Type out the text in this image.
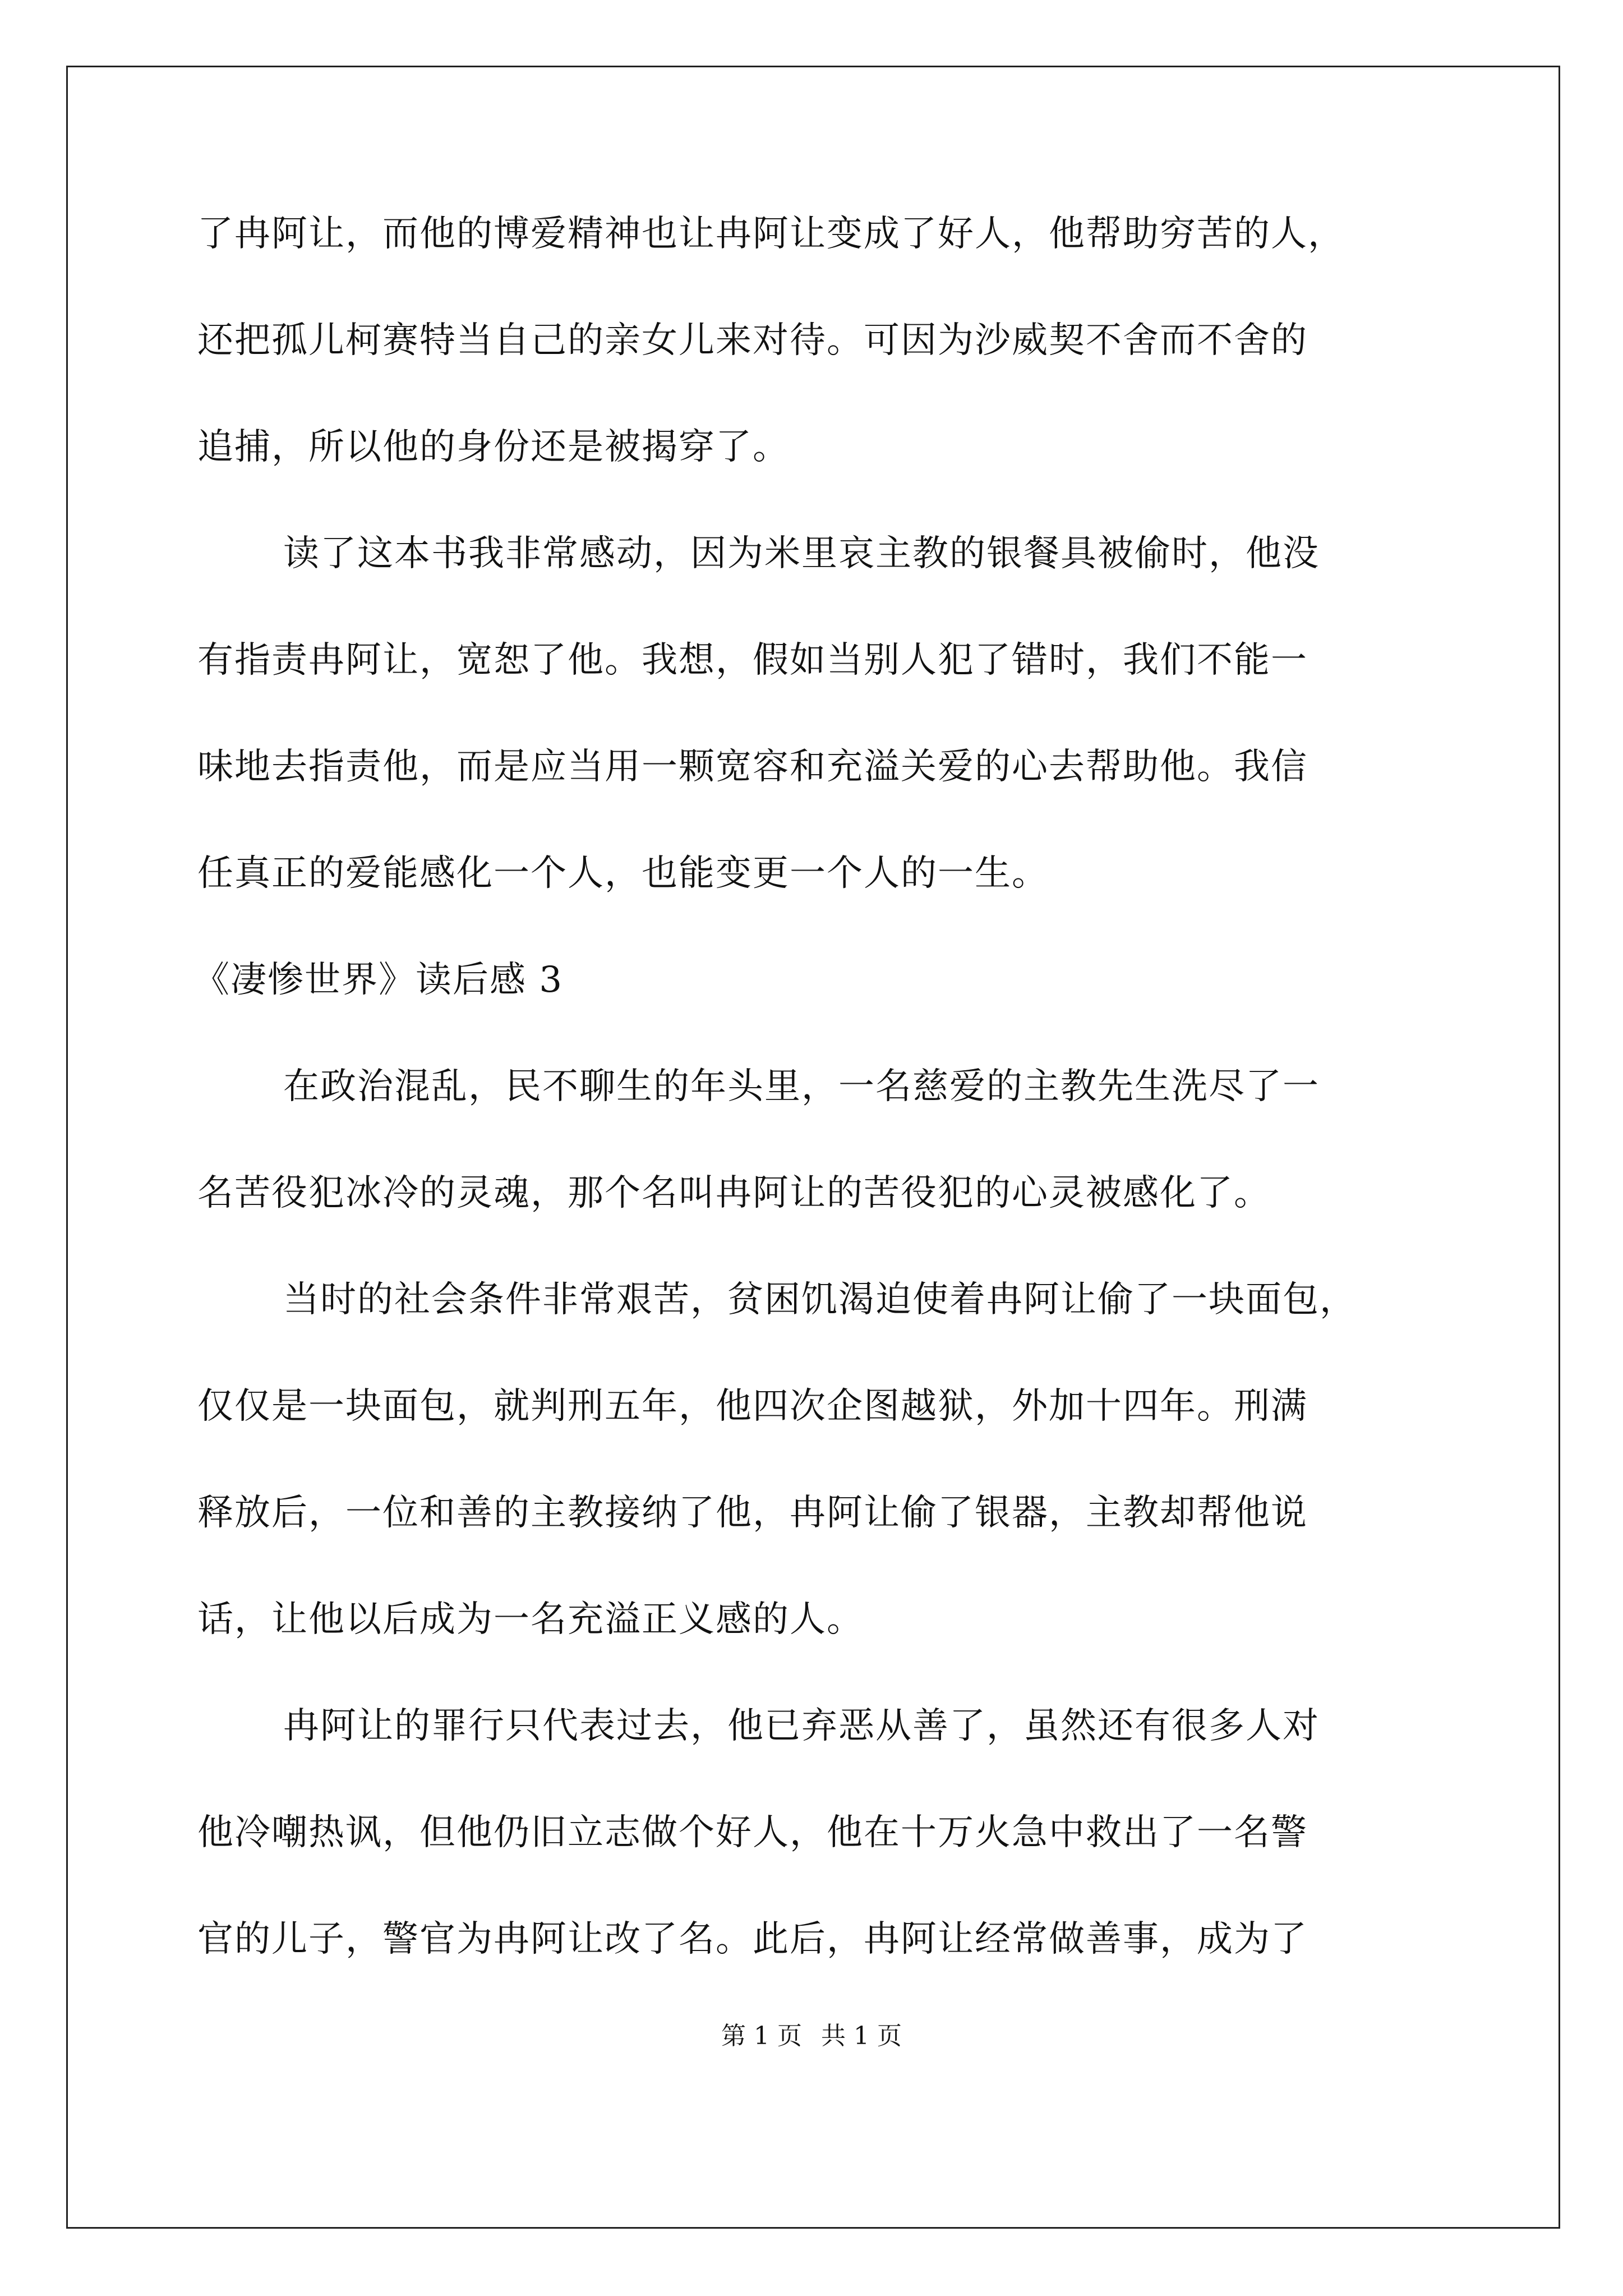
了冉阿让，而他的博爱精神也让冉阿让变成了好人，他帮助穷苦的人，
还把孤儿柯赛特当自己的亲女儿来对待。可因为沙威契不舍而不舍的
追捕，所以他的身份还是被揭穿了。
读了这本书我非常感动，因为米里哀主教的银餐具被偷时，他没
有指责冉阿让，宽恕了他。我想，假如当别人犯了错时，我们不能一
味地去指责他，而是应当用一颗宽容和充溢关爱的心去帮助他。我信
任真正的爱能感化一个人，也能变更一个人的一生。
《凄惨世界》读后感 3
在政治混乱，民不聊生的年头里，一名慈爱的主教先生洗尽了一
名苦役犯冰冷的灵魂，那个名叫冉阿让的苦役犯的心灵被感化了。
当时的社会条件非常艰苦，贫困饥渴迫使着冉阿让偷了一块面包，
仅仅是一块面包，就判刑五年，他四次企图越狱，外加十四年。刑满
释放后，一位和善的主教接纳了他，冉阿让偷了银器，主教却帮他说
话，让他以后成为一名充溢正义感的人。
冉阿让的罪行只代表过去，他已弃恶从善了，虽然还有很多人对
他冷嘲热讽，但他仍旧立志做个好人，他在十万火急中救出了一名警
官的儿子，警官为冉阿让改了名。此后，冉阿让经常做善事，成为了
第 1 页 共 1 页
